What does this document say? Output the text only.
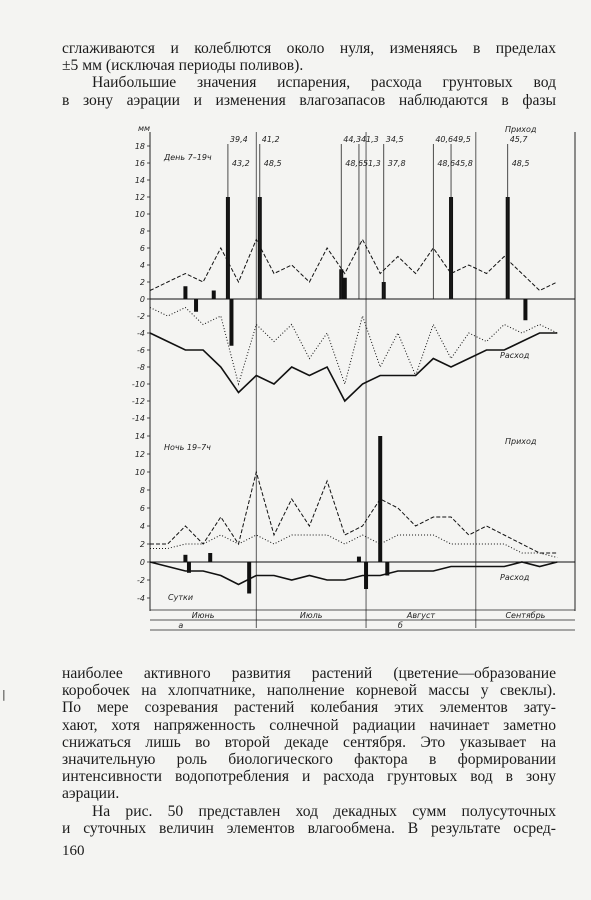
сглаживаются и колеблются около нуля, изменяясь в пределах
±5 мм (исключая периоды поливов).
Наибольшие значения испарения, расхода грунтовых вод
в зону аэрации и изменения влагозапасов наблюдаются в фазы
мм
18
16
14
12
10
8
6
4
2
0
-2
-4
-6
-8
-10
-12
-14
День 7–19ч
Приход
Расход
39,4
43,2
41,2
48,5
44,3
48,6
41,3
51,3
34,5
37,8
40,6
48,6
49,5
45,8
45,7
48,5
14
12
10
8
6
4
2
0
-2
-4
Ночь 19–7ч
Приход
Расход
Сутки
Июнь	Июль	Август	Сентябрь
а	б
|
наиболее активного развития растений (цветение—образование
коробочек на хлопчатнике, наполнение корневой массы у свеклы).
По мере созревания растений колебания этих элементов зату-
хают, хотя напряженность солнечной радиации начинает заметно
снижаться лишь во второй декаде сентября. Это указывает на
значительную роль биологического фактора в формировании
интенсивности водопотребления и расхода грунтовых вод в зону
аэрации.
На рис. 50 представлен ход декадных сумм полусуточных
и суточных величин элементов влагообмена. В результате осред-
160
